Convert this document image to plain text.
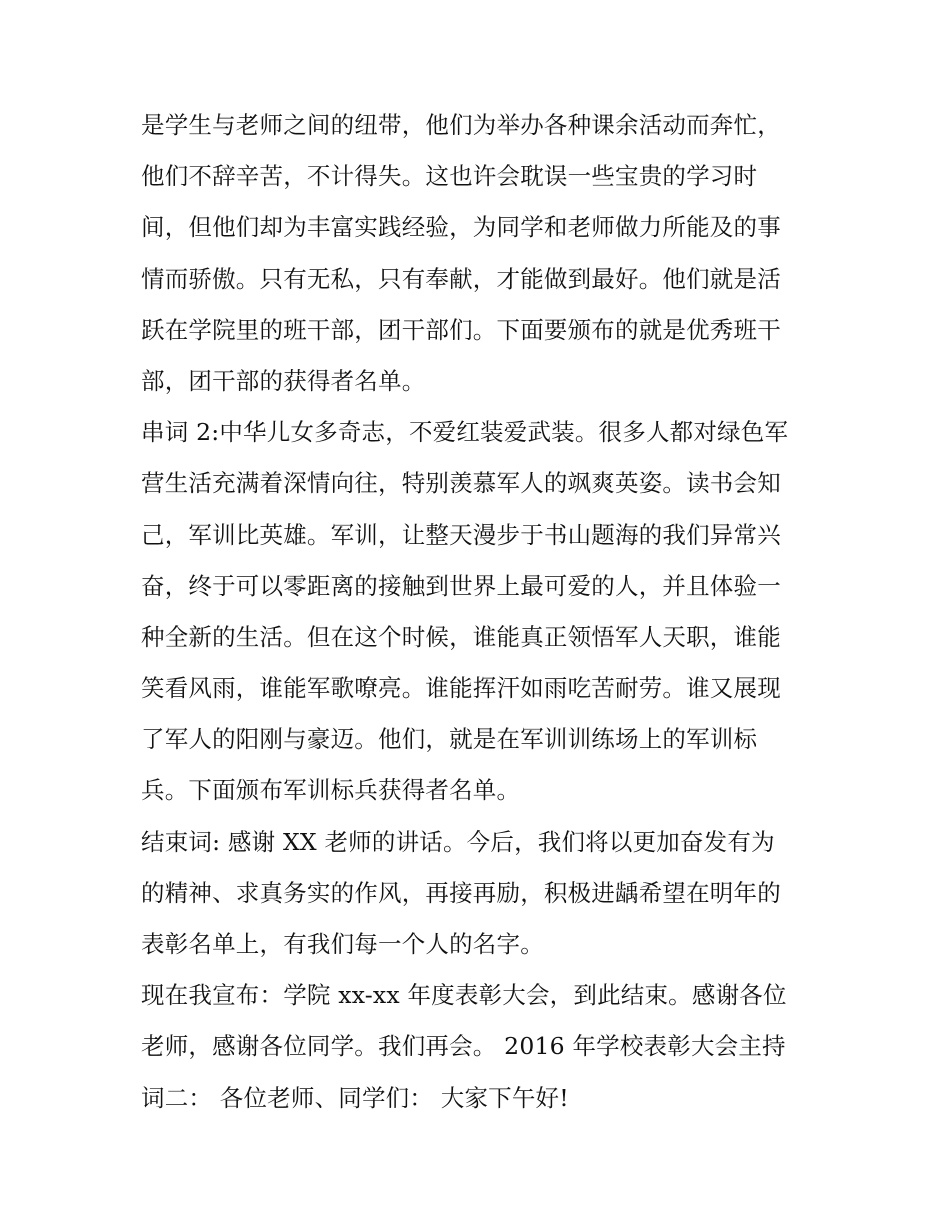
是学生与老师之间的纽带，他们为举办各种课余活动而奔忙，
他们不辞辛苦，不计得失。这也许会耽误一些宝贵的学习时
间，但他们却为丰富实践经验，为同学和老师做力所能及的事
情而骄傲。只有无私，只有奉献，才能做到最好。他们就是活
跃在学院里的班干部，团干部们。下面要颁布的就是优秀班干
部，团干部的获得者名单。
串词 2:中华儿女多奇志，不爱红装爱武装。很多人都对绿色军
营生活充满着深情向往，特别羡慕军人的飒爽英姿。读书会知
己，军训比英雄。军训，让整天漫步于书山题海的我们异常兴
奋，终于可以零距离的接触到世界上最可爱的人，并且体验一
种全新的生活。但在这个时候，谁能真正领悟军人天职，谁能
笑看风雨，谁能军歌嘹亮。谁能挥汗如雨吃苦耐劳。谁又展现
了军人的阳刚与豪迈。他们，就是在军训训练场上的军训标
兵。下面颁布军训标兵获得者名单。
结束词: 感谢 XX 老师的讲话。今后，我们将以更加奋发有为
的精神、求真务实的作风，再接再励，积极进龋希望在明年的
表彰名单上，有我们每一个人的名字。
现在我宣布：学院 xx-xx 年度表彰大会，到此结束。感谢各位
老师，感谢各位同学。我们再会。 2016 年学校表彰大会主持
词二： 各位老师、同学们： 大家下午好!
